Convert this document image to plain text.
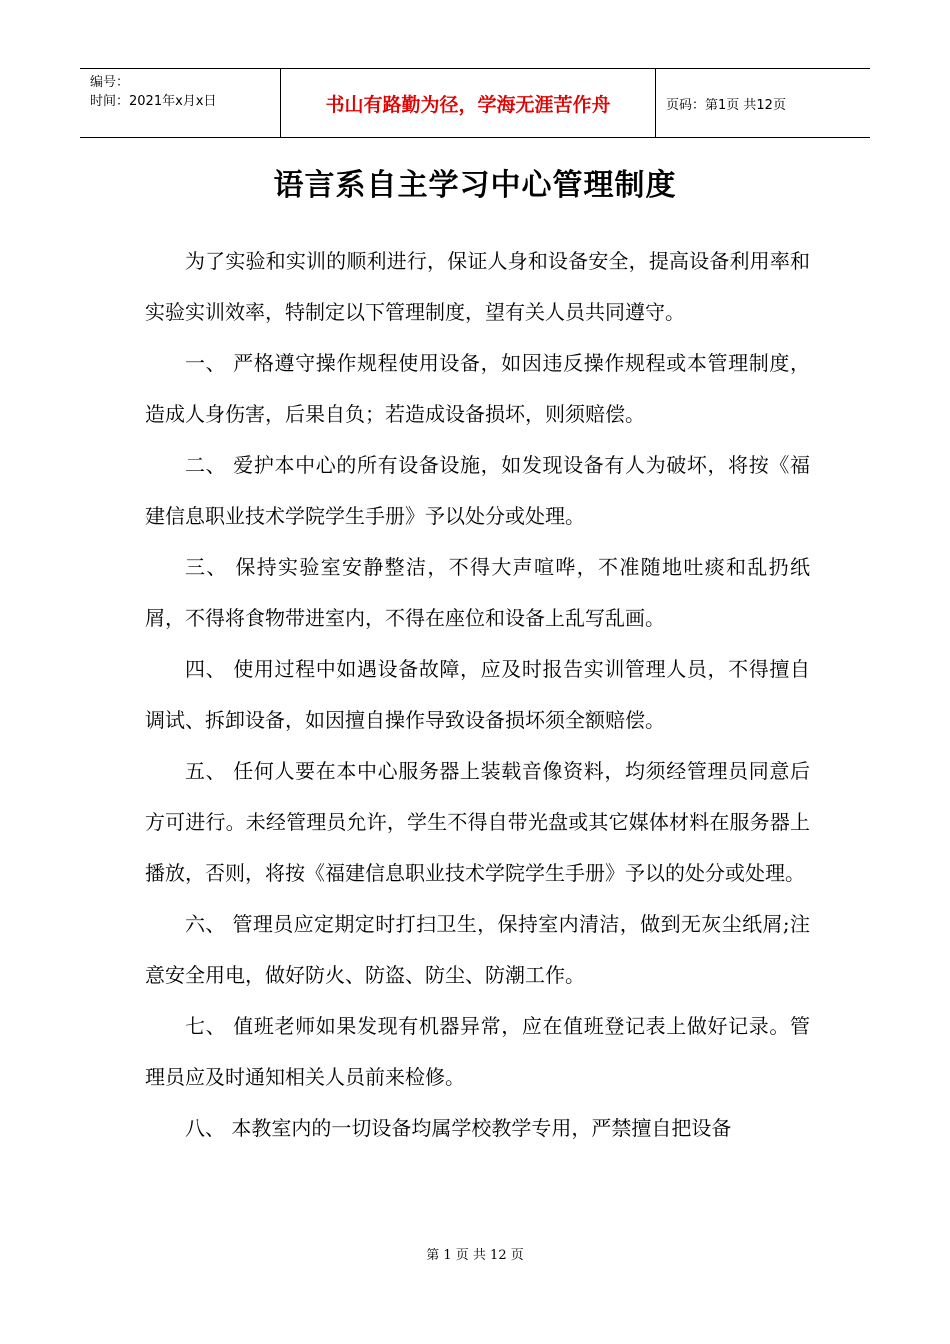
编号：
时间：2021年x月x日	书山有路勤为径，学海无涯苦作舟	页码：第1页 共12页
语言系自主学习中心管理制度

为了实验和实训的顺利进行，保证人身和设备安全，提高设备利用率和实验实训效率，特制定以下管理制度，望有关人员共同遵守。

一、 严格遵守操作规程使用设备，如因违反操作规程或本管理制度，造成人身伤害，后果自负；若造成设备损坏，则须赔偿。

二、 爱护本中心的所有设备设施，如发现设备有人为破坏，将按《福建信息职业技术学院学生手册》予以处分或处理。

三、 保持实验室安静整洁，不得大声喧哗，不准随地吐痰和乱扔纸屑，不得将食物带进室内，不得在座位和设备上乱写乱画。

四、 使用过程中如遇设备故障，应及时报告实训管理人员，不得擅自调试、拆卸设备，如因擅自操作导致设备损坏须全额赔偿。

五、 任何人要在本中心服务器上装载音像资料，均须经管理员同意后方可进行。未经管理员允许，学生不得自带光盘或其它媒体材料在服务器上播放，否则，将按《福建信息职业技术学院学生手册》予以的处分或处理。

六、 管理员应定期定时打扫卫生，保持室内清洁，做到无灰尘纸屑;注意安全用电，做好防火、防盗、防尘、防潮工作。

七、 值班老师如果发现有机器异常，应在值班登记表上做好记录。管理员应及时通知相关人员前来检修。

八、 本教室内的一切设备均属学校教学专用，严禁擅自把设备

第 1 页 共 12 页
